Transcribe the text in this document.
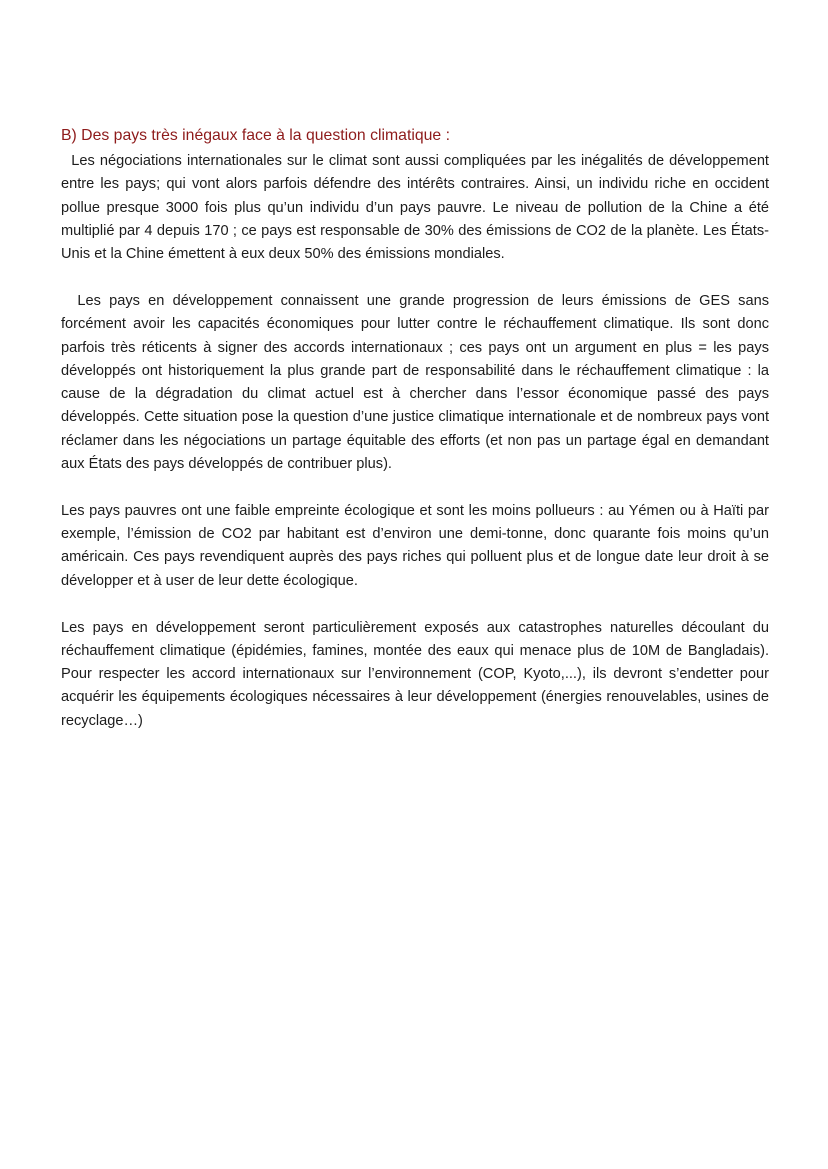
B) Des pays très inégaux face à la question climatique :

Les négociations internationales sur le climat sont aussi compliquées par les inégalités de développement entre les pays; qui vont alors parfois défendre des intérêts contraires. Ainsi, un individu riche en occident pollue presque 3000 fois plus qu’un individu d’un pays pauvre. Le niveau de pollution de la Chine a été multiplié par 4 depuis 170 ; ce pays est responsable de 30% des émissions de CO2 de la planète. Les États-Unis et la Chine émettent à eux deux 50% des émissions mondiales.

Les pays en développement connaissent une grande progression de leurs émissions de GES sans forcément avoir les capacités économiques pour lutter contre le réchauffement climatique. Ils sont donc parfois très réticents à signer des accords internationaux ; ces pays ont un argument en plus = les pays développés ont historiquement la plus grande part de responsabilité dans le réchauffement climatique : la cause de la dégradation du climat actuel est à chercher dans l’essor économique passé des pays développés. Cette situation pose la question d’une justice climatique internationale et de nombreux pays vont réclamer dans les négociations un partage équitable des efforts (et non pas un partage égal en demandant aux États des pays développés de contribuer plus).

Les pays pauvres ont une faible empreinte écologique et sont les moins pollueurs : au Yémen ou à Haïti par exemple, l’émission de CO2 par habitant est d’environ une demi-tonne, donc quarante fois moins qu’un américain. Ces pays revendiquent auprès des pays riches qui polluent plus et de longue date leur droit à se développer et à user de leur dette écologique.

Les pays en développement seront particulièrement exposés aux catastrophes naturelles découlant du réchauffement climatique (épidémies, famines, montée des eaux qui menace plus de 10M de Bangladais). Pour respecter les accord internationaux sur l’environnement (COP, Kyoto,...), ils devront s’endetter pour acquérir les équipements écologiques nécessaires à leur développement (énergies renouvelables, usines de recyclage…)
